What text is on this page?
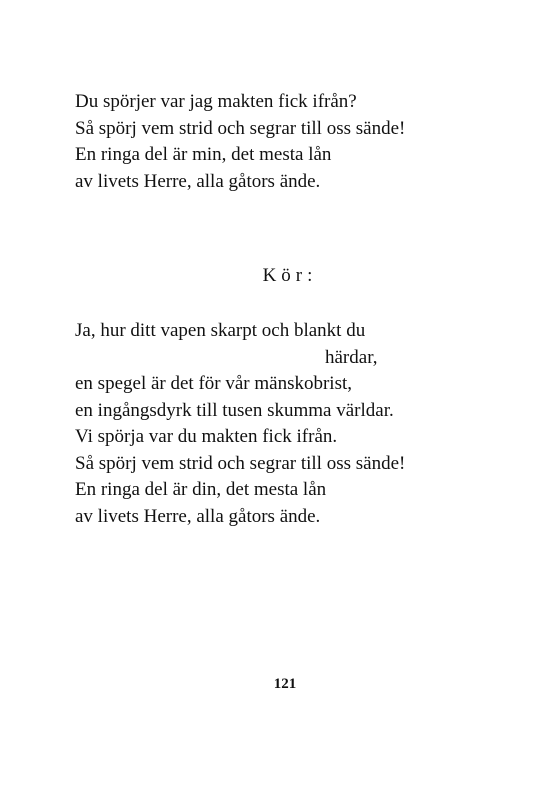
Du spörjer var jag makten fick ifrån?
Så spörj vem strid och segrar till oss sände!
En ringa del är min, det mesta lån
av livets Herre, alla gåtors ände.
Kör:
Ja, hur ditt vapen skarpt och blankt du
härdar,
en spegel är det för vår mänskobrist,
en ingångsdyrk till tusen skumma världar.
Vi spörja var du makten fick ifrån.
Så spörj vem strid och segrar till oss sände!
En ringa del är din, det mesta lån
av livets Herre, alla gåtors ände.
121
